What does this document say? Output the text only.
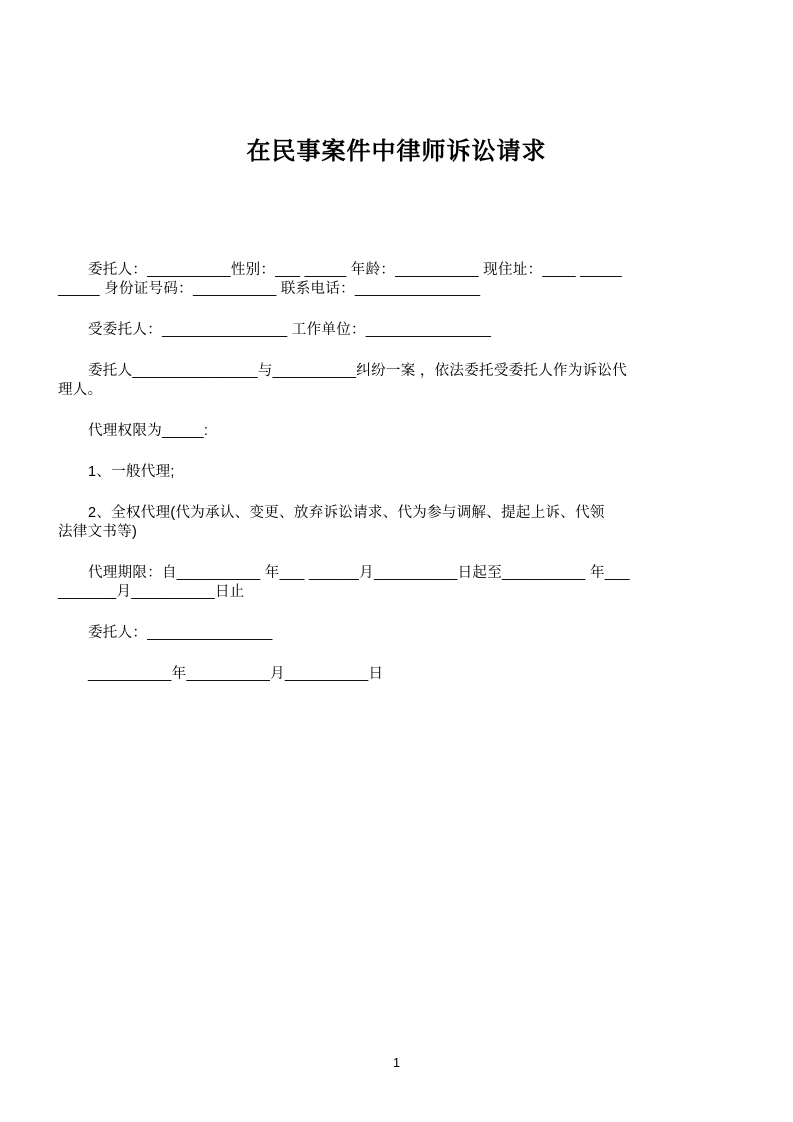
在民事案件中律师诉讼请求
委托人：__________性别：___ _____ 年龄：__________ 现住址：____ _____
_____ 身份证号码：__________ 联系电话：_______________

受委托人：_______________ 工作单位：_______________

委托人_______________与__________纠纷一案 ，依法委托受委托人作为诉讼代
理人。

代理权限为_____:

1、一般代理;

2、全权代理(代为承认、变更、放弃诉讼请求、代为参与调解、提起上诉、代领
法律文书等)
代理期限：自__________ 年___ ______月__________日起至__________ 年___
_______月__________日止

委托人：_______________

__________年__________月__________日

1
